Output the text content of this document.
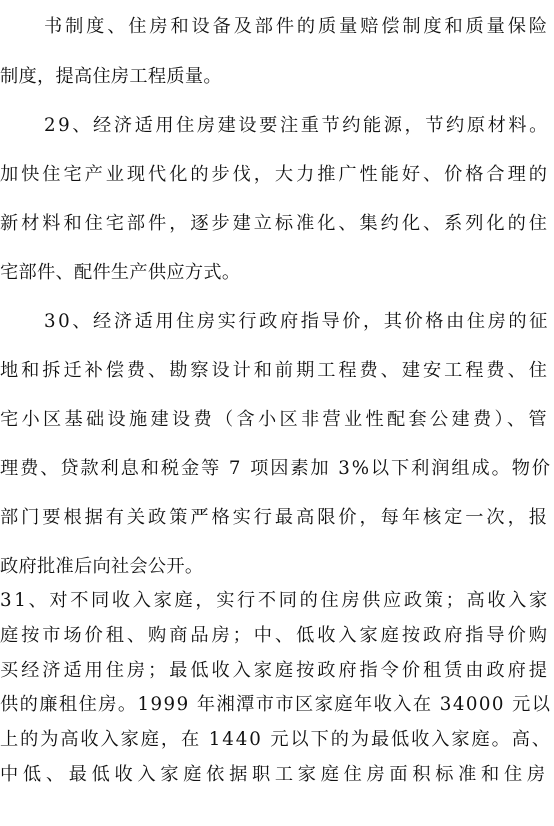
书制度、住房和设备及部件的质量赔偿制度和质量保险
制度，提高住房工程质量。
29、经济适用住房建设要注重节约能源，节约原材料。
加快住宅产业现代化的步伐，大力推广性能好、价格合理的
新材料和住宅部件，逐步建立标准化、集约化、系列化的住
宅部件、配件生产供应方式。
30、经济适用住房实行政府指导价，其价格由住房的征
地和拆迁补偿费、勘察设计和前期工程费、建安工程费、住
宅小区基础设施建设费（含小区非营业性配套公建费）、管
理费、贷款利息和税金等 7 项因素加 3%以下利润组成。物价
部门要根据有关政策严格实行最高限价，每年核定一次，报
政府批准后向社会公开。
31、对不同收入家庭，实行不同的住房供应政策；高收入家
庭按市场价租、购商品房；中、低收入家庭按政府指导价购
买经济适用住房；最低收入家庭按政府指令价租赁由政府提
供的廉租住房。1999 年湘潭市市区家庭年收入在 34000 元以
上的为高收入家庭，在 1440 元以下的为最低收入家庭。高、
中低、最低收入家庭依据职工家庭住房面积标准和住房
